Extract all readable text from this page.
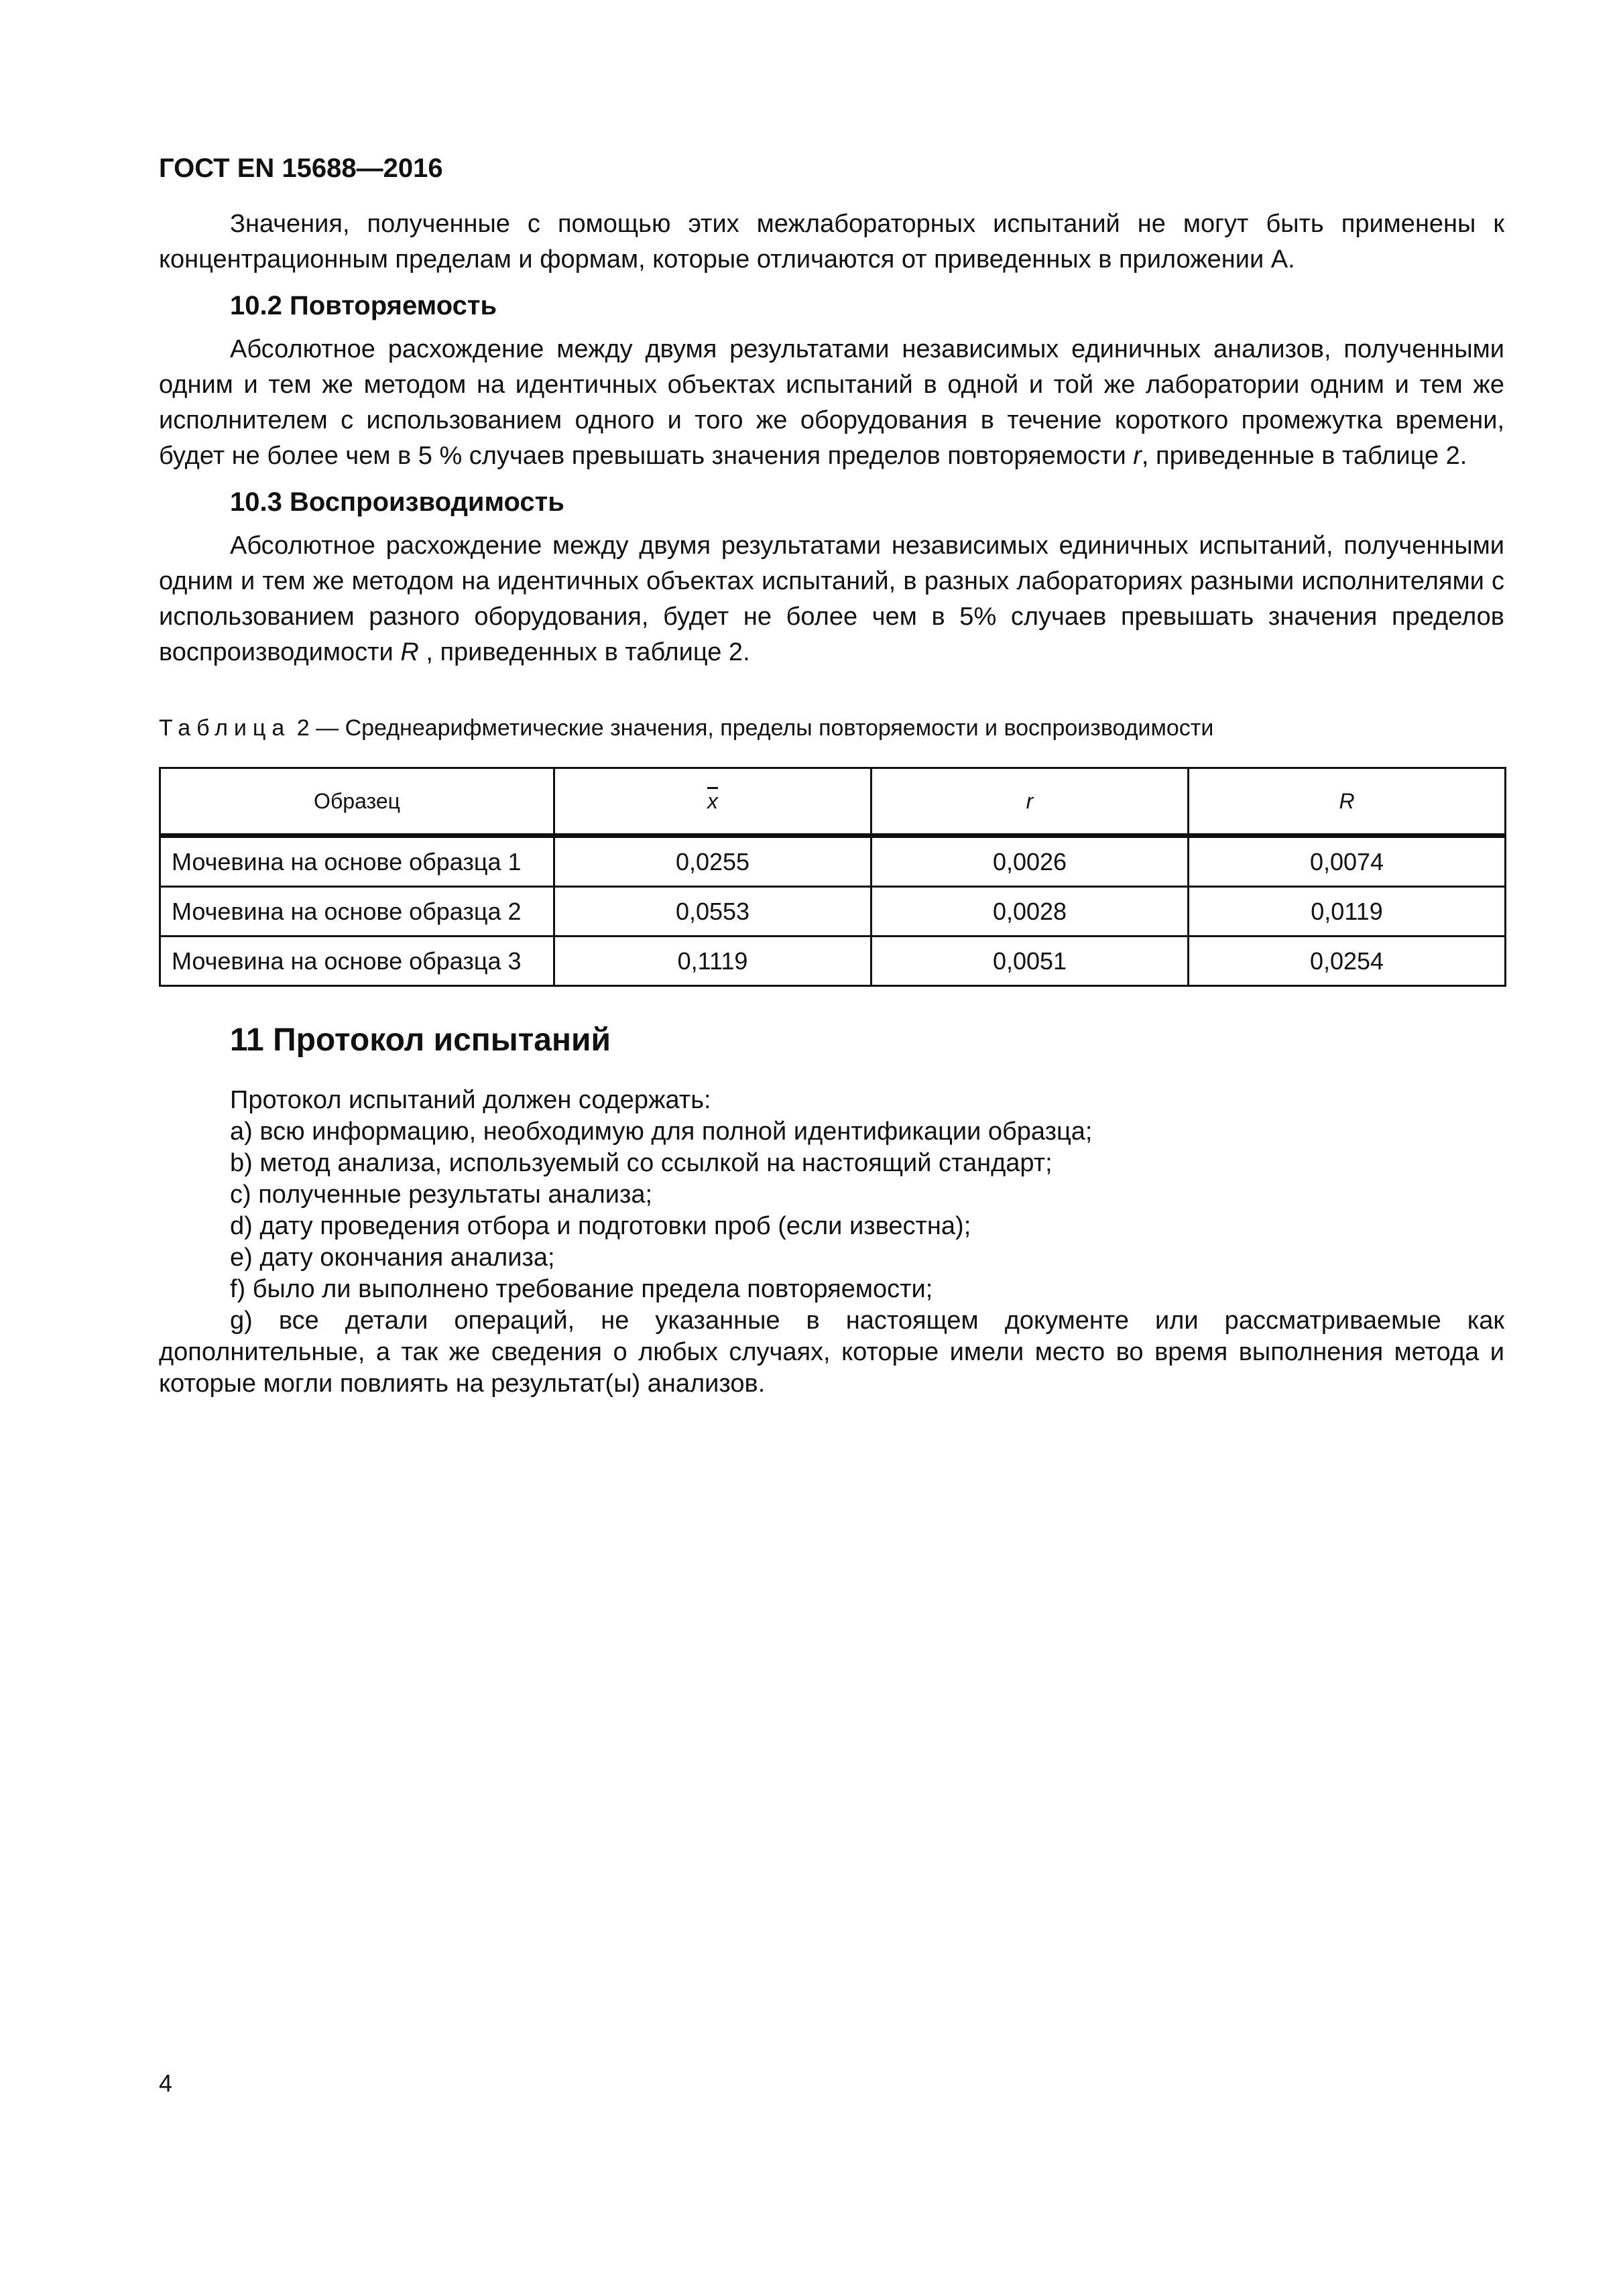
ГОСТ EN 15688—2016

Значения, полученные с помощью этих межлабораторных испытаний не могут быть применены к концентрационным пределам и формам, которые отличаются от приведенных в приложении А.

10.2 Повторяемость

Абсолютное расхождение между двумя результатами независимых единичных анализов, полученными одним и тем же методом на идентичных объектах испытаний в одной и той же лаборатории одним и тем же исполнителем с использованием одного и того же оборудования в течение короткого промежутка времени, будет не более чем в 5 % случаев превышать значения пределов повторяемости r, приведенные в таблице 2.

10.3 Воспроизводимость

Абсолютное расхождение между двумя результатами независимых единичных испытаний, полученными одним и тем же методом на идентичных объектах испытаний, в разных лабораториях разными исполнителями с использованием разного оборудования, будет не более чем в 5% случаев превышать значения пределов воспроизводимости R , приведенных в таблице 2.

Таблица 2 — Среднеарифметические значения, пределы повторяемости и воспроизводимости
Образец	$\overline{x}$	r	R
Мочевина на основе образца 1	0,0255	0,0026	0,0074
Мочевина на основе образца 2	0,0553	0,0028	0,0119
Мочевина на основе образца 3	0,1119	0,0051	0,0254
11 Протокол испытаний
Протокол испытаний должен содержать:
а) всю информацию, необходимую для полной идентификации образца;
b) метод анализа, используемый со ссылкой на настоящий стандарт;
с) полученные результаты анализа;
d) дату проведения отбора и подготовки проб (если известна);
е) дату окончания анализа;
f) было ли выполнено требование предела повторяемости;

g) все детали операций, не указанные в настоящем документе или рассматриваемые как дополнительные, а так же сведения о любых случаях, которые имели место во время выполнения метода и которые могли повлиять на результат(ы) анализов.

4
